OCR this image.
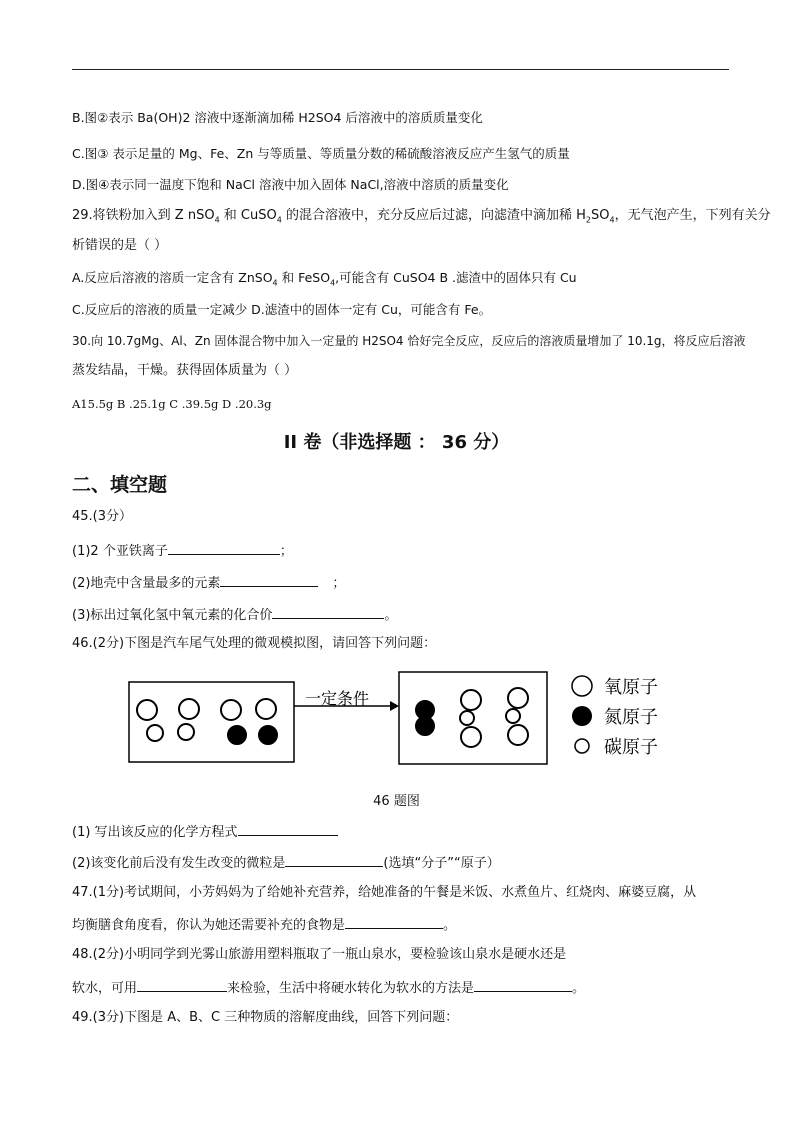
B.图②表示 Ba(OH)2 溶液中逐渐滴加稀 H2SO4 后溶液中的溶质质量变化
C.图③ 表示足量的 Mg、Fe、Zn 与等质量、等质量分数的稀硫酸溶液反应产生氢气的质量
D.图④表示同一温度下饱和 NaCl 溶液中加入固体 NaCl,溶液中溶质的质量变化
29.将铁粉加入到 Z nSO$_4$ 和 CuSO$_4$ 的混合溶液中，充分反应后过滤，向滤渣中滴加稀 $H_2SO_4$，无气泡产生，下列有关分
析错误的是（ ）
A.反应后溶液的溶质一定含有 ZnSO$_4$ 和 FeSO$_4$,可能含有 CuSO4 B .滤渣中的固体只有 Cu
C.反应后的溶液的质量一定减少 D.滤渣中的固体一定有 Cu，可能含有 Fe。
30.向 10.7gMg、Al、Zn 固体混合物中加入一定量的 H2SO4 恰好完全反应，反应后的溶液质量增加了 10.1g，将反应后溶液
蒸发结晶，干燥。获得固体质量为（ ）
A15.5g B .25.1g C .39.5g D .20.3g
II 卷（非选择题 ： 36 分）
二、填空题
45.(3分）
(1)2 个亚铁离子	；
(2)地壳中含量最多的元素	；
(3)标出过氧化氢中氧元素的化合价	。
46.(2分)下图是汽车尾气处理的微观模拟图，请回答下列问题：
一定条件
氧原子
氮原子
碳原子
46 题图
(1) 写出该反应的化学方程式
(2)该变化前后没有发生改变的微粒是	(选填“分子”“原子）
47.(1分)考试期间，小芳妈妈为了给她补充营养，给她准备的午餐是米饭、水煮鱼片、红烧肉、麻婆豆腐，从
均衡膳食角度看，你认为她还需要补充的食物是	。
48.(2分)小明同学到光雾山旅游用塑料瓶取了一瓶山泉水，要检验该山泉水是硬水还是
软水，可用	来检验，生活中将硬水转化为软水的方法是	。
49.(3分)下图是 A、B、C 三种物质的溶解度曲线，回答下列问题：
